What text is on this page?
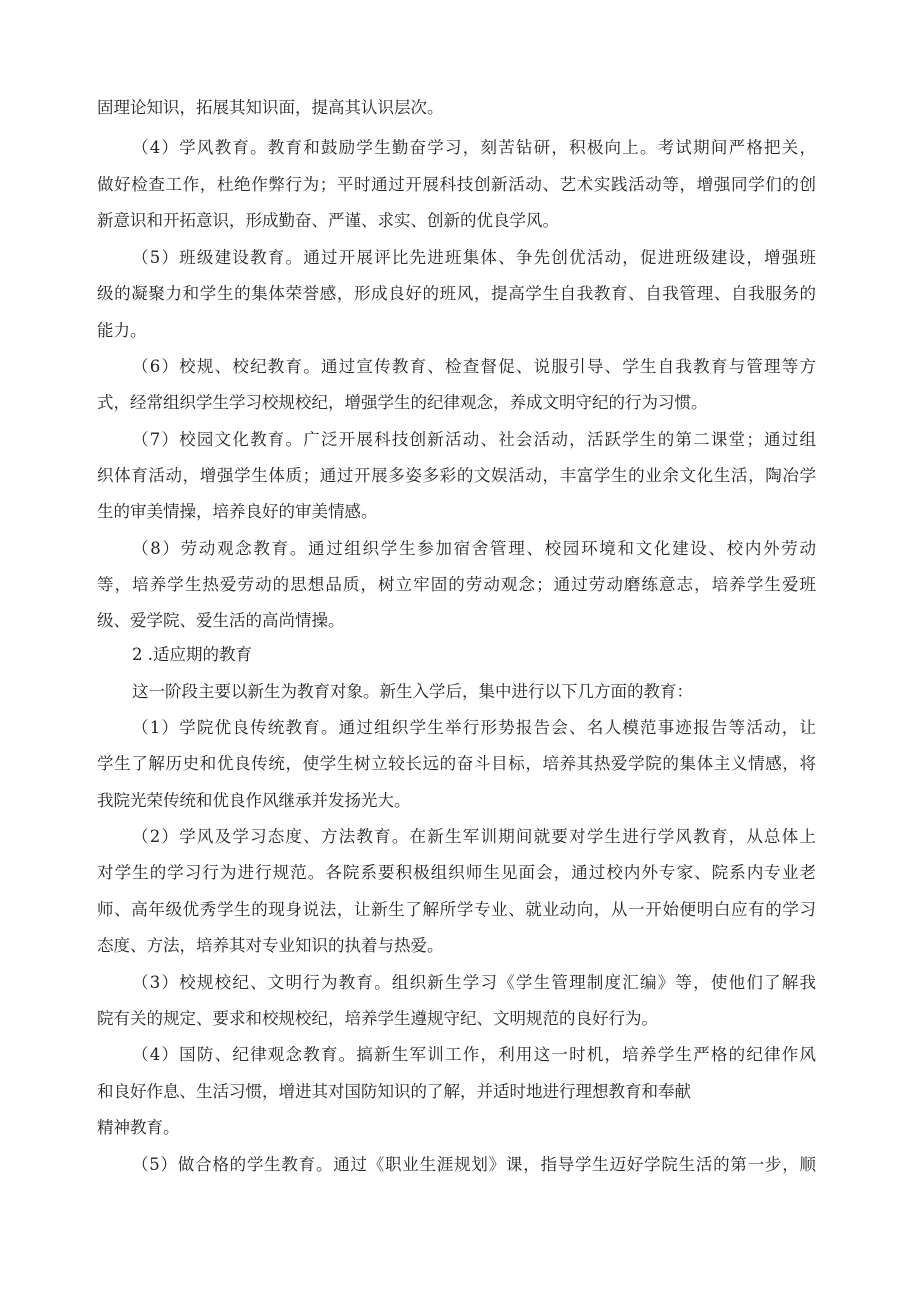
固理论知识，拓展其知识面，提高其认识层次。
（4）学风教育。教育和鼓励学生勤奋学习，刻苦钻研，积极向上。考试期间严格把关，
做好检查工作，杜绝作弊行为；平时通过开展科技创新活动、艺术实践活动等，增强同学们的创
新意识和开拓意识，形成勤奋、严谨、求实、创新的优良学风。
（5）班级建设教育。通过开展评比先进班集体、争先创优活动，促进班级建设，增强班
级的凝聚力和学生的集体荣誉感，形成良好的班风，提高学生自我教育、自我管理、自我服务的
能力。
（6）校规、校纪教育。通过宣传教育、检查督促、说服引导、学生自我教育与管理等方
式，经常组织学生学习校规校纪，增强学生的纪律观念，养成文明守纪的行为习惯。
（7）校园文化教育。广泛开展科技创新活动、社会活动，活跃学生的第二课堂；通过组
织体育活动，增强学生体质；通过开展多姿多彩的文娱活动，丰富学生的业余文化生活，陶冶学
生的审美情操，培养良好的审美情感。
（8）劳动观念教育。通过组织学生参加宿舍管理、校园环境和文化建设、校内外劳动
等，培养学生热爱劳动的思想品质，树立牢固的劳动观念；通过劳动磨练意志，培养学生爱班
级、爱学院、爱生活的高尚情操。
2 .适应期的教育
这一阶段主要以新生为教育对象。新生入学后，集中进行以下几方面的教育：
（1）学院优良传统教育。通过组织学生举行形势报告会、名人模范事迹报告等活动，让
学生了解历史和优良传统，使学生树立较长远的奋斗目标，培养其热爱学院的集体主义情感，将
我院光荣传统和优良作风继承并发扬光大。
（2）学风及学习态度、方法教育。在新生军训期间就要对学生进行学风教育，从总体上
对学生的学习行为进行规范。各院系要积极组织师生见面会，通过校内外专家、院系内专业老
师、高年级优秀学生的现身说法，让新生了解所学专业、就业动向，从一开始便明白应有的学习
态度、方法，培养其对专业知识的执着与热爱。
（3）校规校纪、文明行为教育。组织新生学习《学生管理制度汇编》等，使他们了解我
院有关的规定、要求和校规校纪，培养学生遵规守纪、文明规范的良好行为。
（4）国防、纪律观念教育。搞新生军训工作，利用这一时机，培养学生严格的纪律作风
和良好作息、生活习惯，增进其对国防知识的了解，并适时地进行理想教育和奉献
精神教育。
（5）做合格的学生教育。通过《职业生涯规划》课，指导学生迈好学院生活的第一步，顺
